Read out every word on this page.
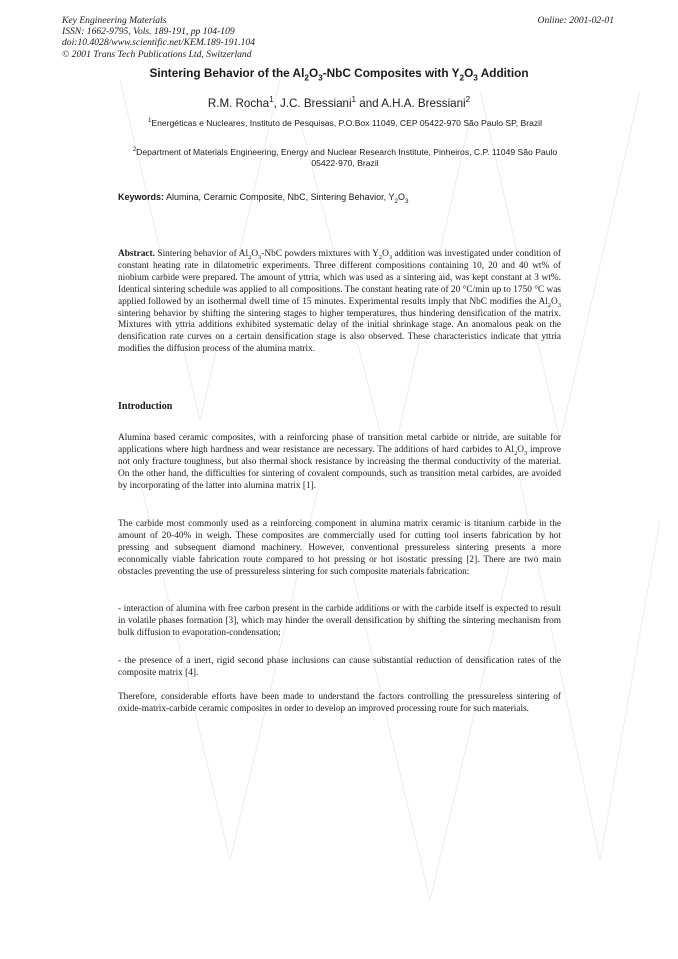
Key Engineering Materials
ISSN: 1662-9795, Vols. 189-191, pp 104-109
doi:10.4028/www.scientific.net/KEM.189-191.104
© 2001 Trans Tech Publications Ltd, Switzerland
Online: 2001-02-01
Sintering Behavior of the $Al_2O_3$-NbC Composites with $Y_2O_3$ Addition
R.M. Rocha$^1$, J.C. Bressiani$^1$ and A.H.A. Bressiani$^2$
$^1$Energéticas e Nucleares, Instituto de Pesquisas, P.O.Box 11049, CEP 05422-970 São Paulo SP, Brazil
$^2$Department of Materials Engineering, Energy and Nuclear Research Institute, Pinheiros, C.P. 11049 São Paulo 05422-970, Brazil
Keywords: Alumina, Ceramic Composite, NbC, Sintering Behavior, $Y_2O_3$
Abstract. Sintering behavior of $Al_2O_3$-NbC powders mixtures with $Y_2O_3$ addition was investigated under condition of constant heating rate in dilatometric experiments. Three different compositions containing 10, 20 and 40 wt% of niobium carbide were prepared. The amount of yttria, which was used as a sintering aid, was kept constant at 3 wt%. Identical sintering schedule was applied to all compositions. The constant heating rate of 20 °C/min up to 1750 °C was applied followed by an isothermal dwell time of 15 minutes. Experimental results imply that NbC modifies the $Al_2O_3$ sintering behavior by shifting the sintering stages to higher temperatures, thus hindering densification of the matrix. Mixtures with yttria additions exhibited systematic delay of the initial shrinkage stage. An anomalous peak on the densification rate curves on a certain densification stage is also observed. These characteristics indicate that yttria modifies the diffusion process of the alumina matrix.
Introduction
Alumina based ceramic composites, with a reinforcing phase of transition metal carbide or nitride, are suitable for applications where high hardness and wear resistance are necessary. The additions of hard carbides to $Al_2O_3$ improve not only fracture toughness, but also thermal shock resistance by increasing the thermal conductivity of the material. On the other hand, the difficulties for sintering of covalent compounds, such as transition metal carbides, are avoided by incorporating of the latter into alumina matrix [1].
The carbide most commonly used as a reinforcing component in alumina matrix ceramic is titanium carbide in the amount of 20-40% in weigh. These composites are commercially used for cutting tool inserts fabrication by hot pressing and subsequent diamond machinery. However, conventional pressureless sintering presents a more economically viable fabrication route compared to hot pressing or hot isostatic pressing [2]. There are two main obstacles preventing the use of pressureless sintering for such composite materials fabrication:
- interaction of alumina with free carbon present in the carbide additions or with the carbide itself is expected to result in volatile phases formation [3], which may hinder the overall densification by shifting the sintering mechanism from bulk diffusion to evaporation-condensation;
- the presence of a inert, rigid second phase inclusions can cause substantial reduction of densification rates of the composite matrix [4].
Therefore, considerable efforts have been made to understand the factors controlling the pressureless sintering of oxide-matrix-carbide ceramic composites in order to develop an improved processing route for such materials.
